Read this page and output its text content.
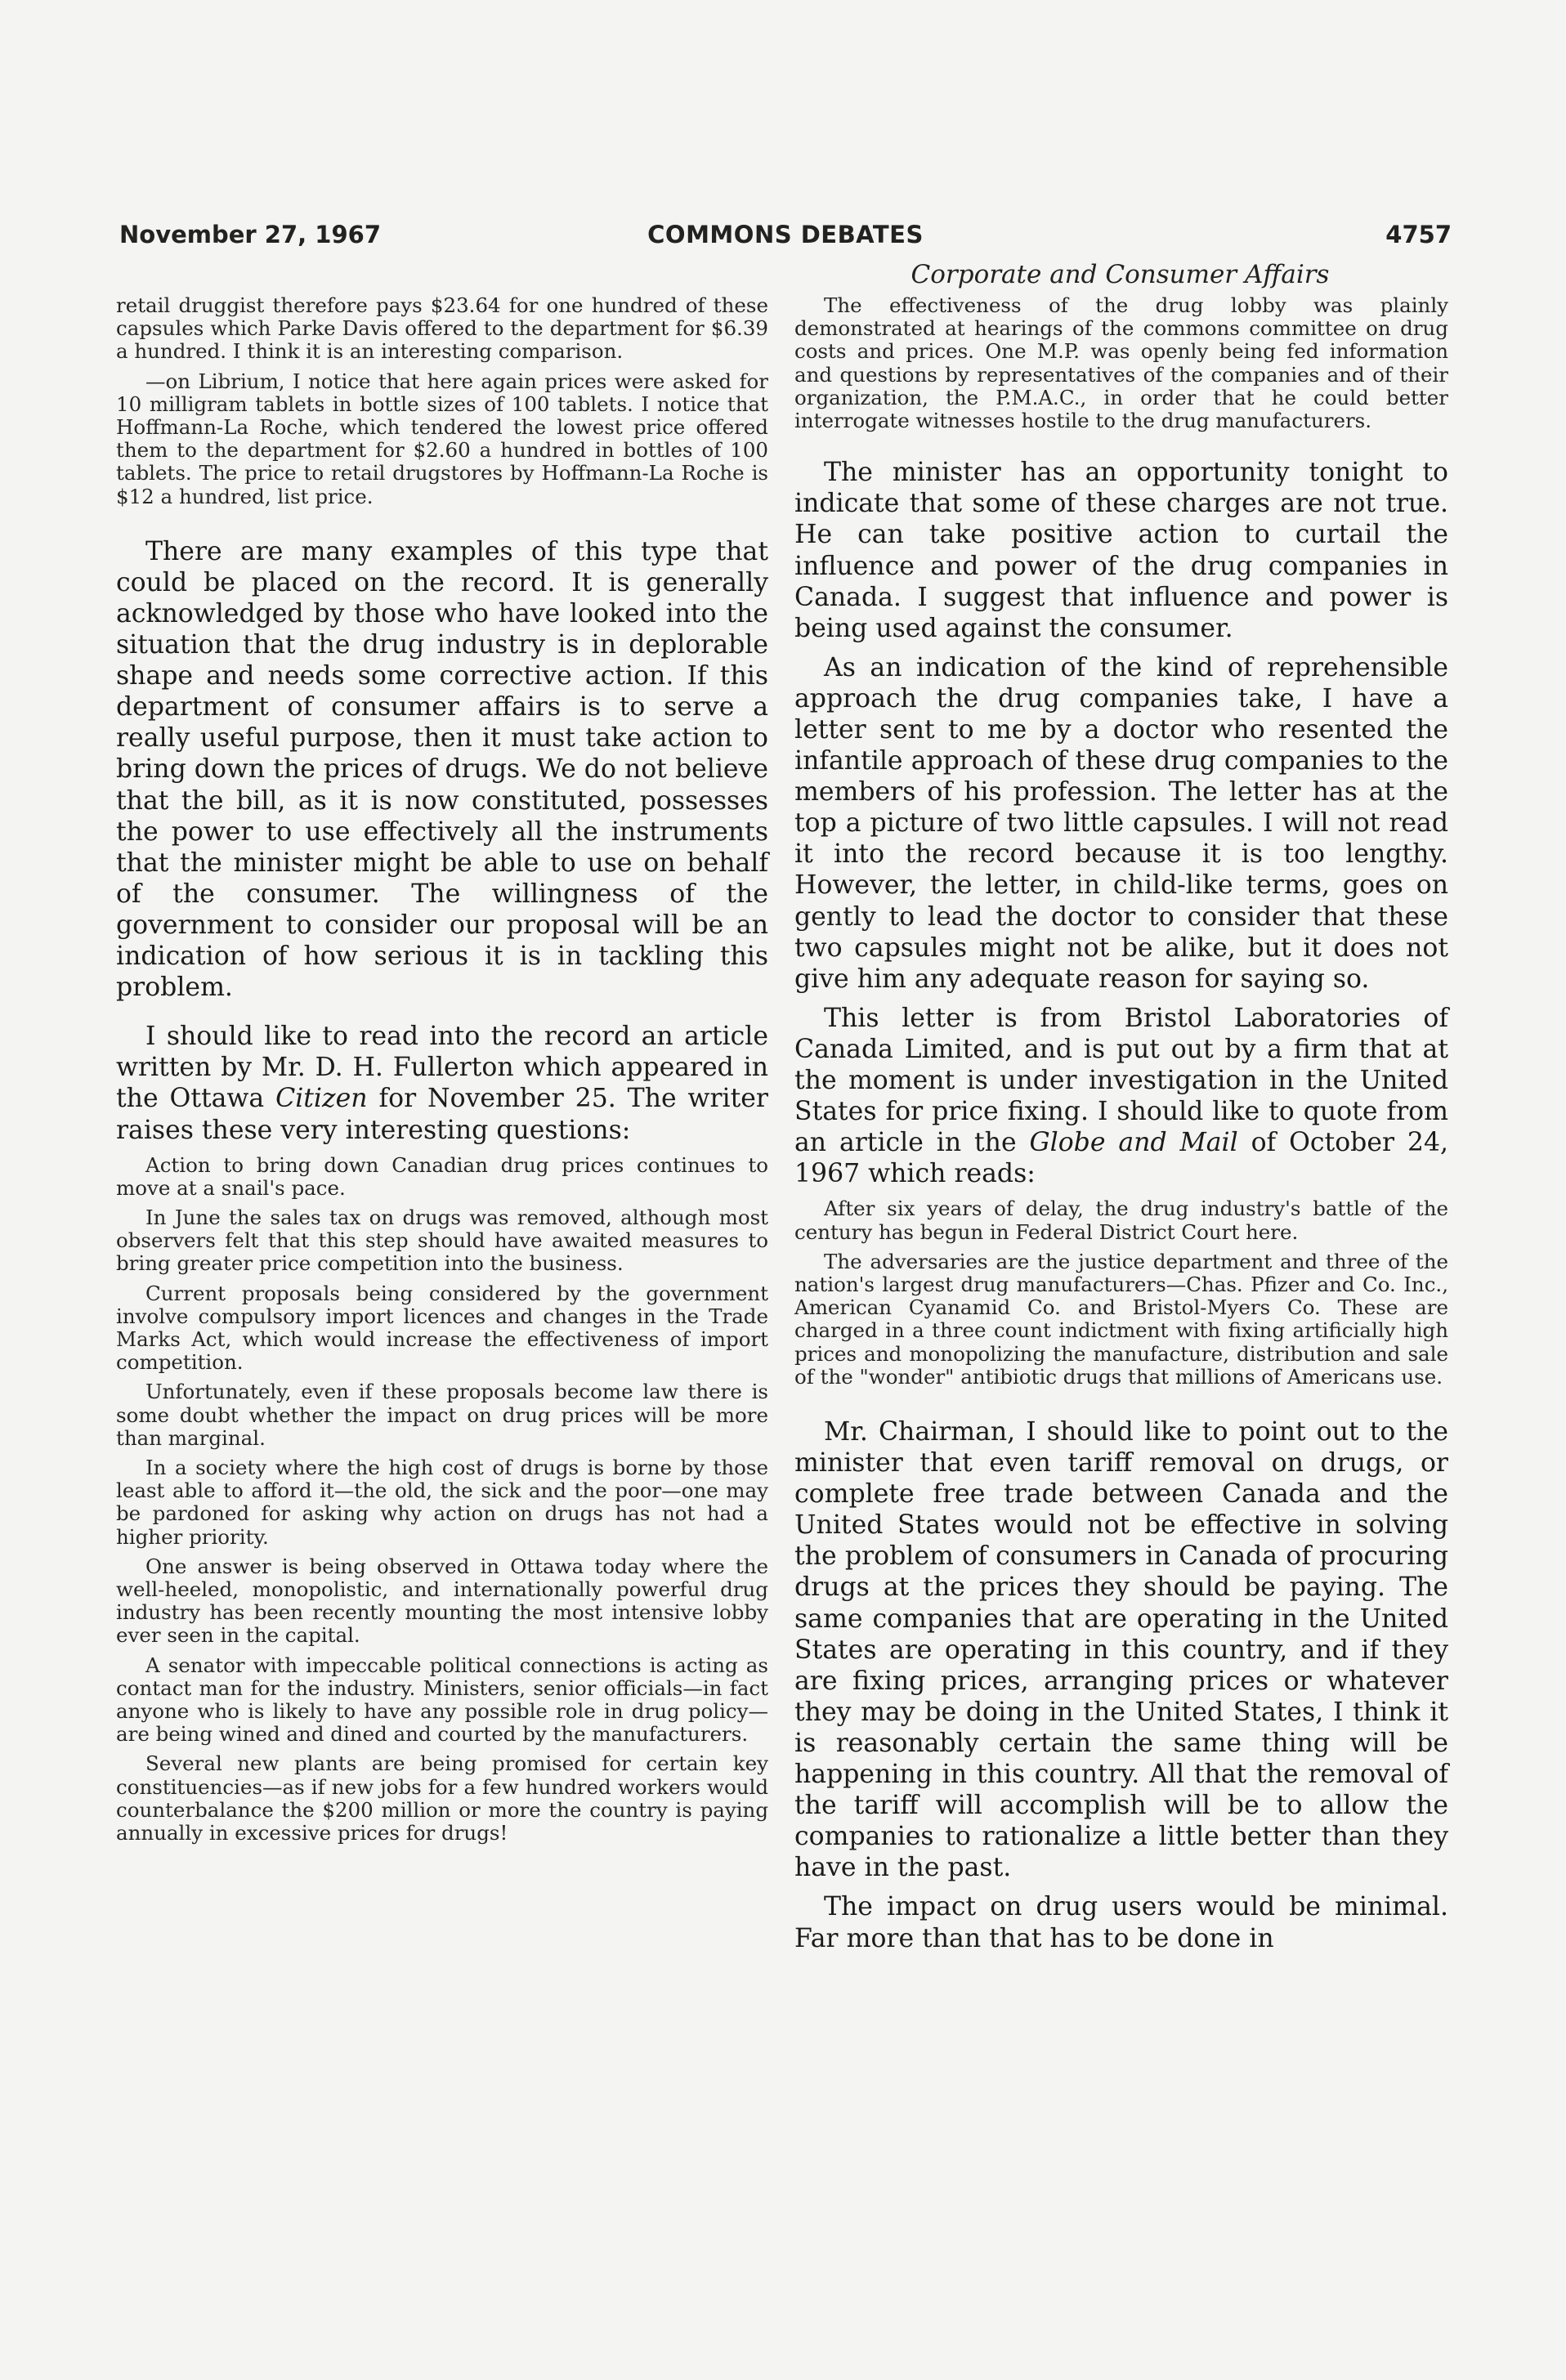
November 27, 1967	COMMONS DEBATES	4757
Corporate and Consumer Affairs

retail druggist therefore pays $23.64 for one hundred of these capsules which Parke Davis offered to the department for $6.39 a hundred. I think it is an interesting comparison.

—on Librium, I notice that here again prices were asked for 10 milligram tablets in bottle sizes of 100 tablets. I notice that Hoffmann-La Roche, which tendered the lowest price offered them to the department for $2.60 a hundred in bottles of 100 tablets. The price to retail drugstores by Hoffmann-La Roche is $12 a hundred, list price.

There are many examples of this type that could be placed on the record. It is generally acknowledged by those who have looked into the situation that the drug industry is in deplorable shape and needs some corrective action. If this department of consumer affairs is to serve a really useful purpose, then it must take action to bring down the prices of drugs. We do not believe that the bill, as it is now constituted, possesses the power to use effectively all the instruments that the minister might be able to use on behalf of the consumer. The willingness of the government to consider our proposal will be an indication of how serious it is in tackling this problem.

I should like to read into the record an article written by Mr. D. H. Fullerton which appeared in the Ottawa Citizen for November 25. The writer raises these very interesting questions:

Action to bring down Canadian drug prices continues to move at a snail's pace.

In June the sales tax on drugs was removed, although most observers felt that this step should have awaited measures to bring greater price competition into the business.

Current proposals being considered by the government involve compulsory import licences and changes in the Trade Marks Act, which would increase the effectiveness of import competition.

Unfortunately, even if these proposals become law there is some doubt whether the impact on drug prices will be more than marginal.

In a society where the high cost of drugs is borne by those least able to afford it—the old, the sick and the poor—one may be pardoned for asking why action on drugs has not had a higher priority.

One answer is being observed in Ottawa today where the well-heeled, monopolistic, and internationally powerful drug industry has been recently mounting the most intensive lobby ever seen in the capital.

A senator with impeccable political connections is acting as contact man for the industry. Ministers, senior officials—in fact anyone who is likely to have any possible role in drug policy—are being wined and dined and courted by the manufacturers.

Several new plants are being promised for certain key constituencies—as if new jobs for a few hundred workers would counterbalance the $200 million or more the country is paying annually in excessive prices for drugs!

The effectiveness of the drug lobby was plainly demonstrated at hearings of the commons committee on drug costs and prices. One M.P. was openly being fed information and questions by representatives of the companies and of their organization, the P.M.A.C., in order that he could better interrogate witnesses hostile to the drug manufacturers.

The minister has an opportunity tonight to indicate that some of these charges are not true. He can take positive action to curtail the influence and power of the drug companies in Canada. I suggest that influence and power is being used against the consumer.

As an indication of the kind of reprehensible approach the drug companies take, I have a letter sent to me by a doctor who resented the infantile approach of these drug companies to the members of his profession. The letter has at the top a picture of two little capsules. I will not read it into the record because it is too lengthy. However, the letter, in child-like terms, goes on gently to lead the doctor to consider that these two capsules might not be alike, but it does not give him any adequate reason for saying so.

This letter is from Bristol Laboratories of Canada Limited, and is put out by a firm that at the moment is under investigation in the United States for price fixing. I should like to quote from an article in the Globe and Mail of October 24, 1967 which reads:

After six years of delay, the drug industry's battle of the century has begun in Federal District Court here.

The adversaries are the justice department and three of the nation's largest drug manufacturers—Chas. Pfizer and Co. Inc., American Cyanamid Co. and Bristol-Myers Co. These are charged in a three count indictment with fixing artificially high prices and monopolizing the manufacture, distribution and sale of the "wonder" antibiotic drugs that millions of Americans use.

Mr. Chairman, I should like to point out to the minister that even tariff removal on drugs, or complete free trade between Canada and the United States would not be effective in solving the problem of consumers in Canada of procuring drugs at the prices they should be paying. The same companies that are operating in the United States are operating in this country, and if they are fixing prices, arranging prices or whatever they may be doing in the United States, I think it is reasonably certain the same thing will be happening in this country. All that the removal of the tariff will accomplish will be to allow the companies to rationalize a little better than they have in the past.

The impact on drug users would be minimal. Far more than that has to be done in
